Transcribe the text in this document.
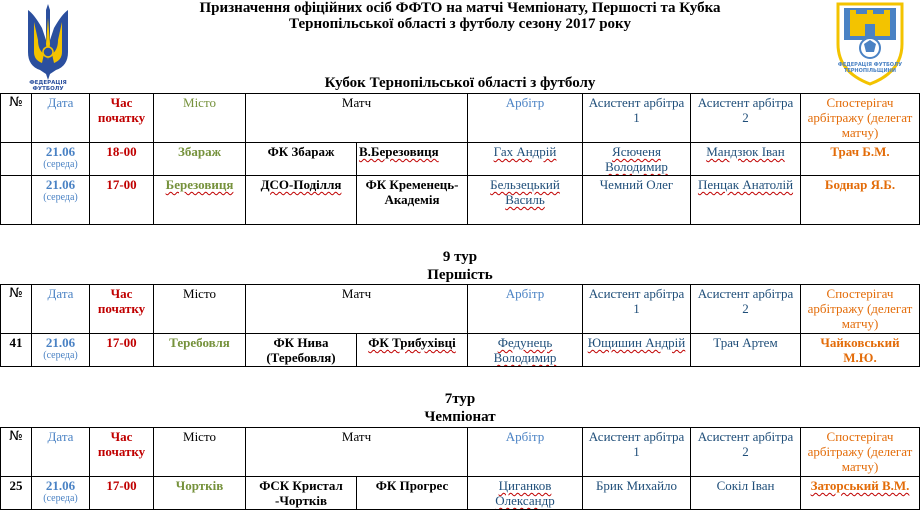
ФЕДЕРАЦІЯ
ФУТБОЛУ
ФЕДЕРАЦІЯ ФУТБОЛУ
ТЕРНОПІЛЬЩИНИ
Призначення офіційних осіб ФФТО на матчі Чемпіонату, Першості та Кубка
Тернопільської області з футболу сезону 2017 року
Кубок Тернопільської області з футболу
№	Дата	Час початку	Місто	Матч		Арбітр	Асистент арбітра 1	Асистент арбітра 2	Спостерігач арбітражу (делегат матчу)

	21.06
(середа)	18-00	Збараж	ФК Збараж	В.Березовиця	Гах Андрій	Ясюченя Володимир	Мандзюк Іван	Трач Б.М.

	21.06
(середа)	17-00	Березовиця	ДСО-Поділля	ФК Кременець-Академія	Бельзецький Василь	Чемний Олег	Пенцак Анатолій	Боднар Я.Б.
9 тур
Першість
№	Дата	Час початку	Місто	Матч		Арбітр	Асистент арбітра 1	Асистент арбітра 2	Спостерігач арбітражу (делегат матчу)
41	21.06
(середа)	17-00	Теребовля	ФК Нива (Теребовля)	ФК Трибухівці	Федунець Володимир	Ющишин Андрій	Трач Артем	Чайковський М.Ю.
7тур
Чемпіонат
№	Дата	Час початку	Місто	Матч		Арбітр	Асистент арбітра 1	Асистент арбітра 2	Спостерігач арбітражу (делегат матчу)
25	21.06
(середа)	17-00	Чортків	ФСК Кристал -Чортків	ФК Прогрес	Циганков Олександр	Брик Михайло	Сокіл Іван	Заторський В.М.
